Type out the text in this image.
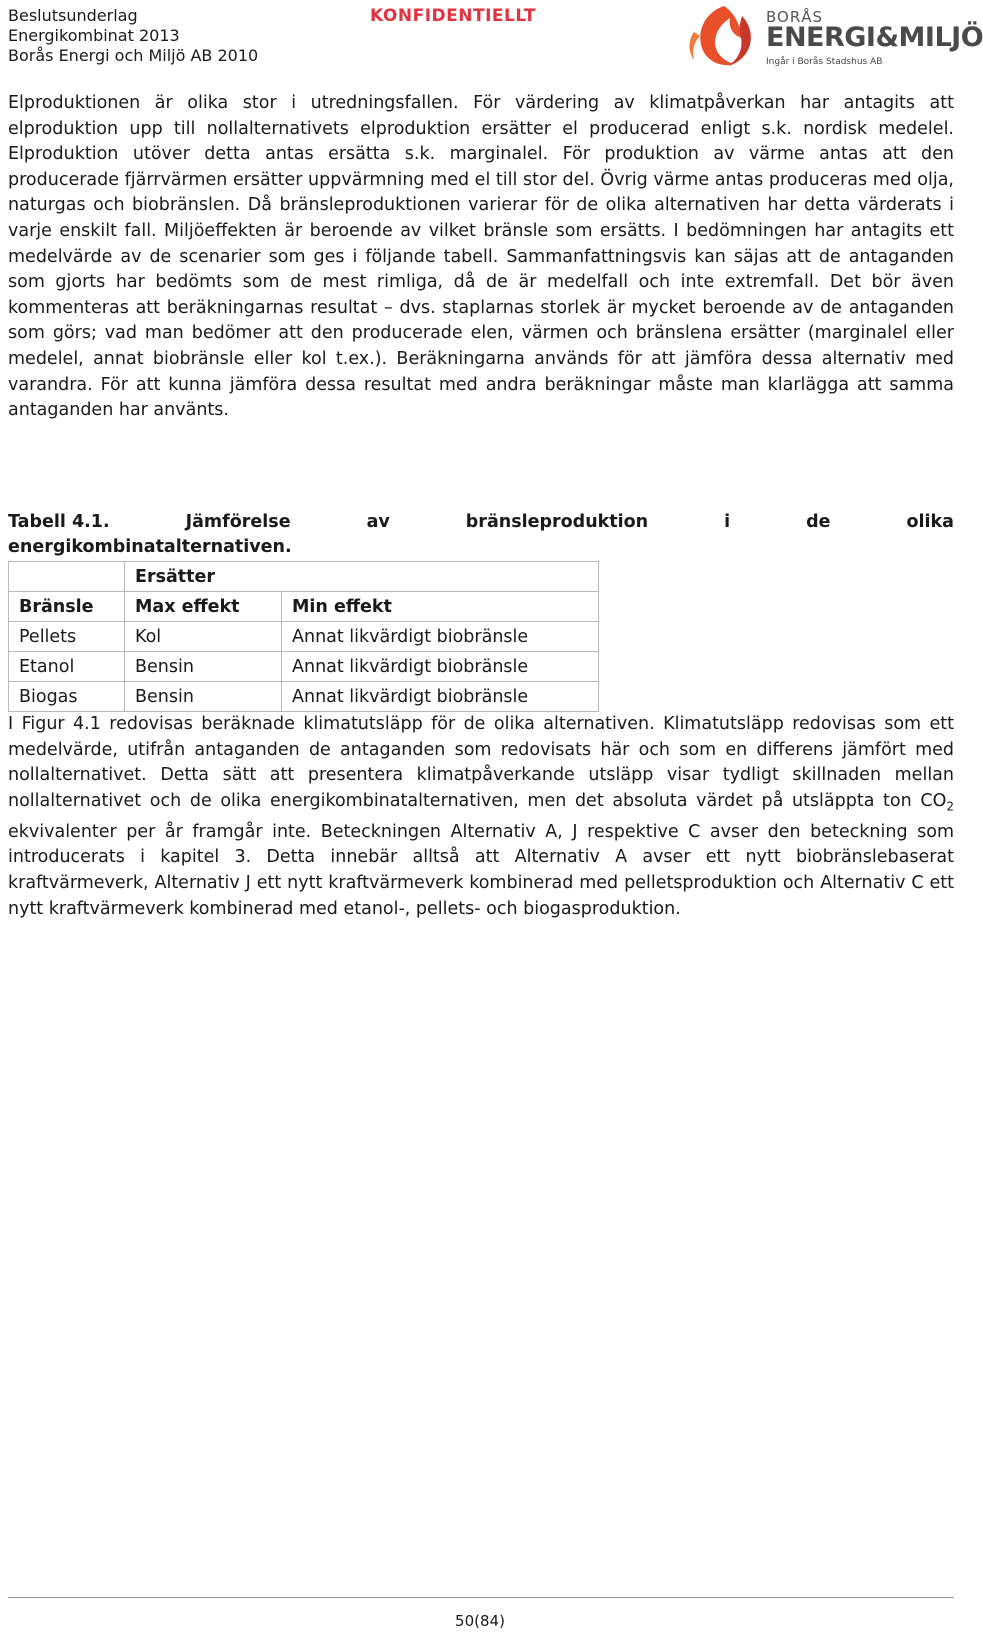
Beslutsunderlag
Energikombinat 2013
Borås Energi och Miljö AB 2010
KONFIDENTIELLT	BORÅS
ENERGI&MILJÖ
Ingår i Borås Stadshus AB
Elproduktionen är olika stor i utredningsfallen. För värdering av klimatpåverkan har antagits att elproduktion upp till nollalternativets elproduktion ersätter el producerad enligt s.k. nordisk medelel. Elproduktion utöver detta antas ersätta s.k. marginalel. För produktion av värme antas att den producerade fjärrvärmen ersätter uppvärmning med el till stor del. Övrig värme antas produceras med olja, naturgas och biobränslen. Då bränsleproduktionen varierar för de olika alternativen har detta värderats i varje enskilt fall. Miljöeffekten är beroende av vilket bränsle som ersätts. I bedömningen har antagits ett medelvärde av de scenarier som ges i följande tabell. Sammanfattningsvis kan säjas att de antaganden som gjorts har bedömts som de mest rimliga, då de är medelfall och inte extremfall. Det bör även kommenteras att beräkningarnas resultat – dvs. staplarnas storlek är mycket beroende av de antaganden som görs; vad man bedömer att den producerade elen, värmen och bränslena ersätter (marginalel eller medelel, annat biobränsle eller kol t.ex.). Beräkningarna används för att jämföra dessa alternativ med varandra. För att kunna jämföra dessa resultat med andra beräkningar måste man klarlägga att samma antaganden har använts.
Tabell 4.1.	Jämförelse	av	bränsleproduktion	i	de	olika
energikombinatalternativen.
	Ersätter	
Bränsle	Max effekt	Min effekt
Pellets	Kol	Annat likvärdigt biobränsle
Etanol	Bensin	Annat likvärdigt biobränsle
Biogas	Bensin	Annat likvärdigt biobränsle
I Figur 4.1 redovisas beräknade klimatutsläpp för de olika alternativen. Klimatutsläpp redovisas som ett medelvärde, utifrån antaganden de antaganden som redovisats här och som en differens jämfört med nollalternativet. Detta sätt att presentera klimatpåverkande utsläpp visar tydligt skillnaden mellan nollalternativet och de olika energikombinatalternativen, men det absoluta värdet på utsläppta ton $CO_2$ ekvivalenter per år framgår inte. Beteckningen Alternativ A, J respektive C avser den beteckning som introducerats i kapitel 3. Detta innebär alltså att Alternativ A avser ett nytt biobränslebaserat kraftvärmeverk, Alternativ J ett nytt kraftvärmeverk kombinerad med pelletsproduktion och Alternativ C ett nytt kraftvärmeverk kombinerad med etanol-, pellets- och biogasproduktion.
50(84)
